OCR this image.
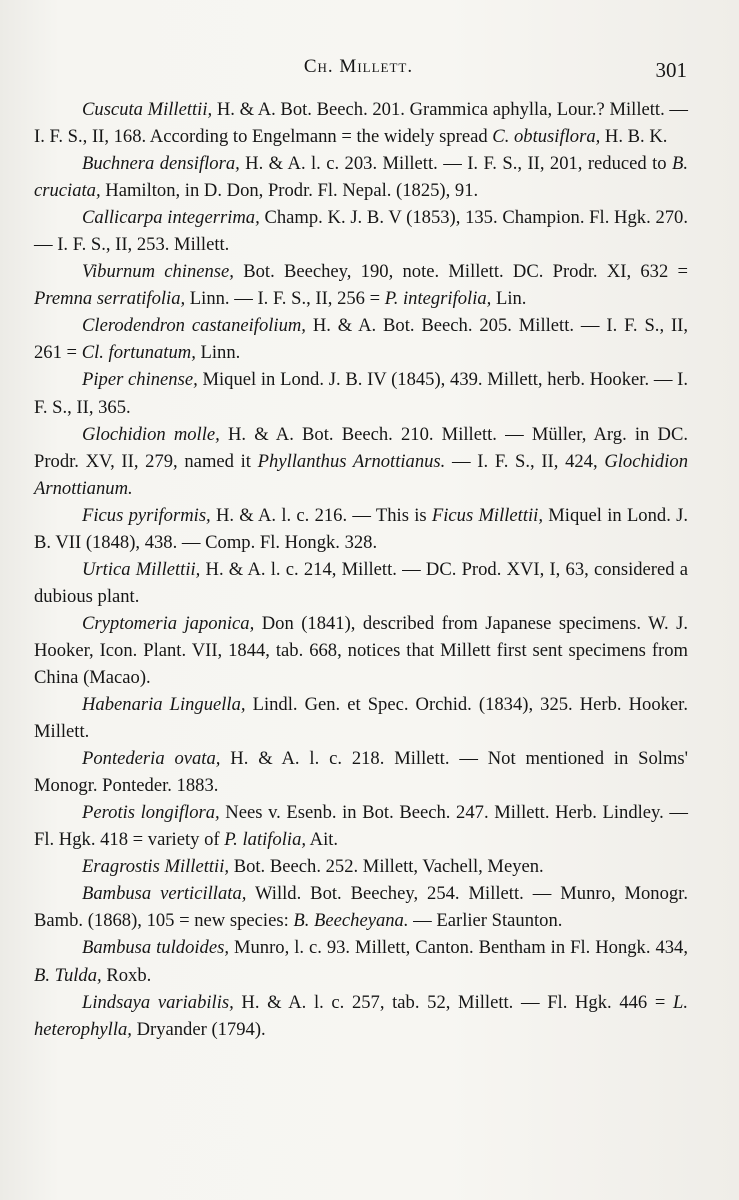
Ch. Millett.	301

Cuscuta Millettii, H. & A. Bot. Beech. 201. Grammica aphylla, Lour.? Millett. — I. F. S., II, 168. According to Engelmann = the widely spread C. obtusiflora, H. B. K.

Buchnera densiflora, H. & A. l. c. 203. Millett. — I. F. S., II, 201, reduced to B. cruciata, Hamilton, in D. Don, Prodr. Fl. Nepal. (1825), 91.

Callicarpa integerrima, Champ. K. J. B. V (1853), 135. Champion. Fl. Hgk. 270. — I. F. S., II, 253. Millett.

Viburnum chinense, Bot. Beechey, 190, note. Millett. DC. Prodr. XI, 632 = Premna serratifolia, Linn. — I. F. S., II, 256 = P. integrifolia, Lin.

Clerodendron castaneifolium, H. & A. Bot. Beech. 205. Millett. — I. F. S., II, 261 = Cl. fortunatum, Linn.

Piper chinense, Miquel in Lond. J. B. IV (1845), 439. Millett, herb. Hooker. — I. F. S., II, 365.

Glochidion molle, H. & A. Bot. Beech. 210. Millett. — Müller, Arg. in DC. Prodr. XV, II, 279, named it Phyllanthus Arnottianus. — I. F. S., II, 424, Glochidion Arnottianum.

Ficus pyriformis, H. & A. l. c. 216. — This is Ficus Millettii, Miquel in Lond. J. B. VII (1848), 438. — Comp. Fl. Hongk. 328.

Urtica Millettii, H. & A. l. c. 214, Millett. — DC. Prod. XVI, I, 63, considered a dubious plant.

Cryptomeria japonica, Don (1841), described from Japanese specimens. W. J. Hooker, Icon. Plant. VII, 1844, tab. 668, notices that Millett first sent specimens from China (Macao).

Habenaria Linguella, Lindl. Gen. et Spec. Orchid. (1834), 325. Herb. Hooker. Millett.

Pontederia ovata, H. & A. l. c. 218. Millett. — Not mentioned in Solms' Monogr. Ponteder. 1883.

Perotis longiflora, Nees v. Esenb. in Bot. Beech. 247. Millett. Herb. Lindley. — Fl. Hgk. 418 = variety of P. latifolia, Ait.

Eragrostis Millettii, Bot. Beech. 252. Millett, Vachell, Meyen.

Bambusa verticillata, Willd. Bot. Beechey, 254. Millett. — Munro, Monogr. Bamb. (1868), 105 = new species: B. Beecheyana. — Earlier Staunton.

Bambusa tuldoides, Munro, l. c. 93. Millett, Canton. Bentham in Fl. Hongk. 434, B. Tulda, Roxb.

Lindsaya variabilis, H. & A. l. c. 257, tab. 52, Millett. — Fl. Hgk. 446 = L. heterophylla, Dryander (1794).
